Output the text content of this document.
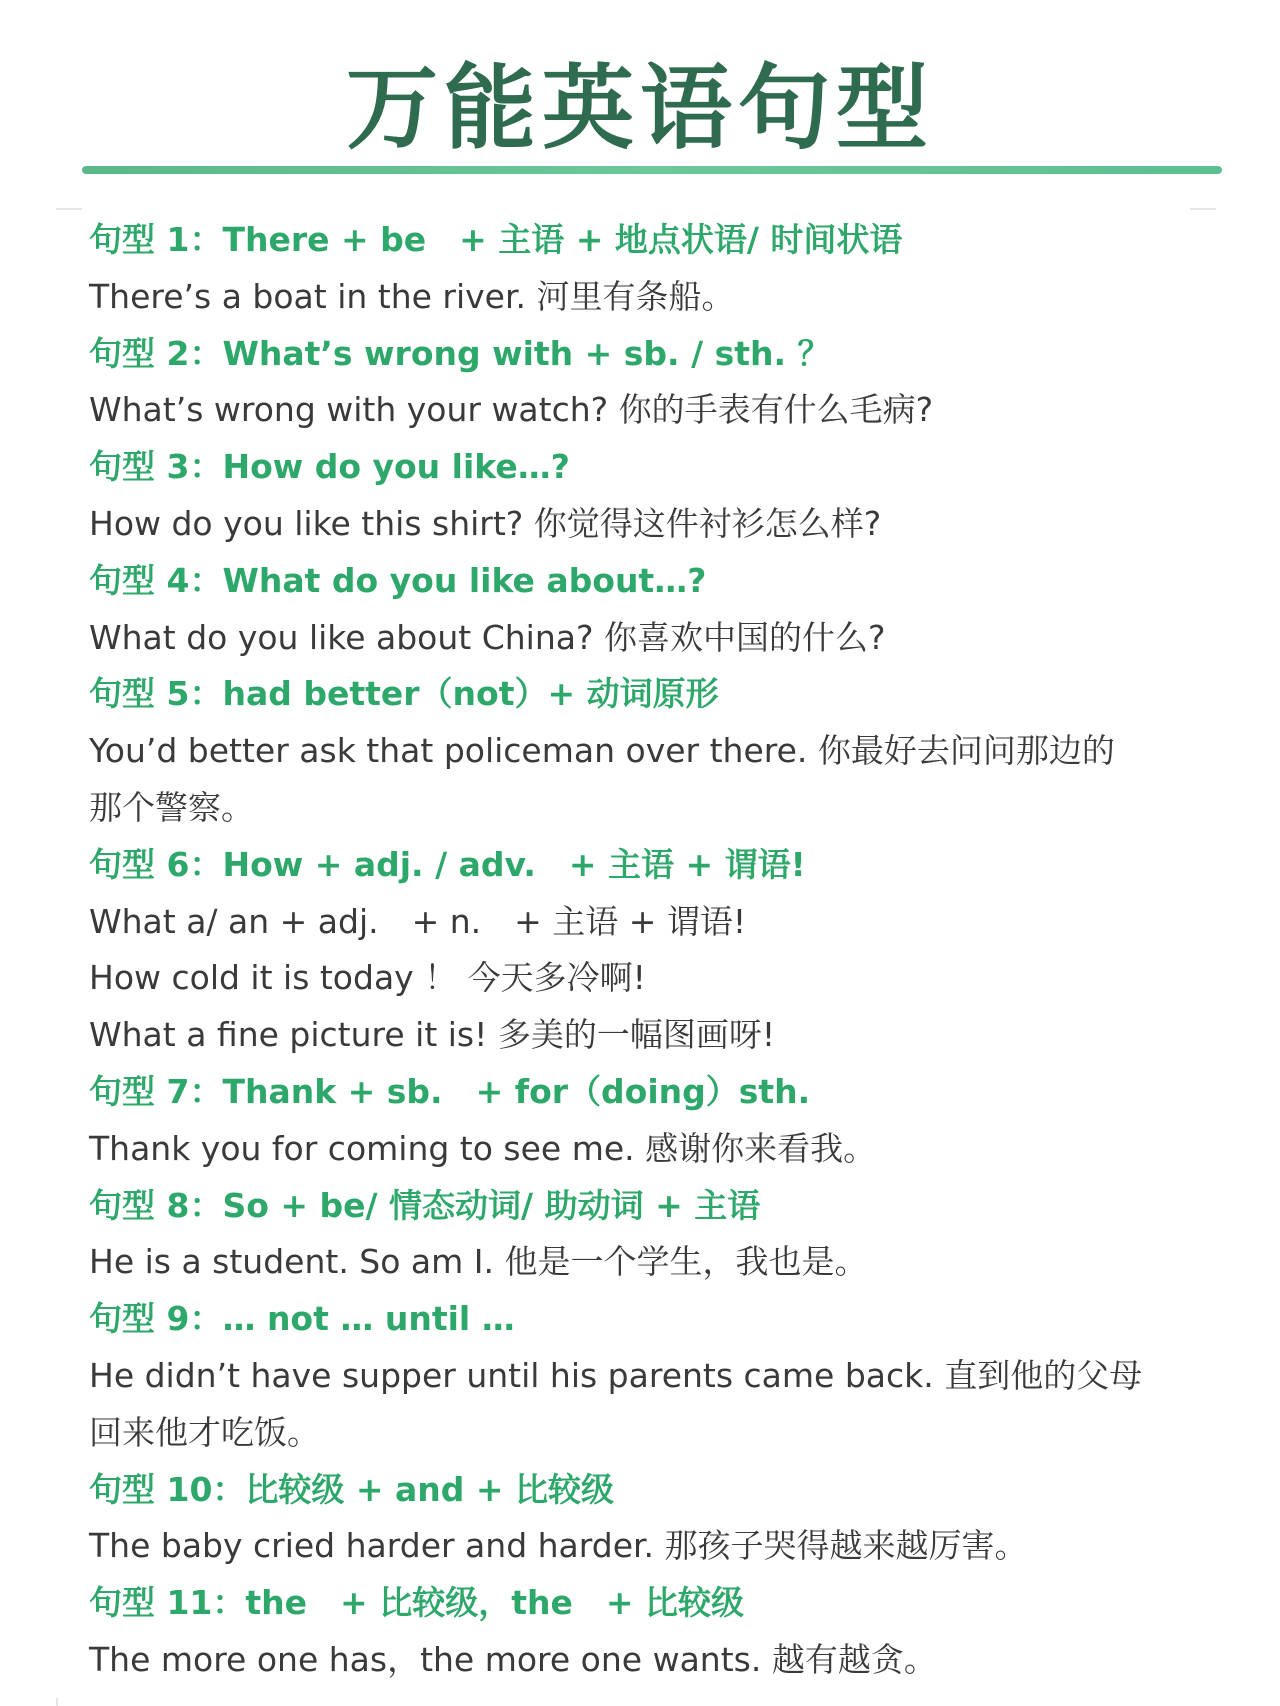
万能英语句型
句型 1：There + be　+ 主语 + 地点状语/ 时间状语
There’s a boat in the river. 河里有条船。
句型 2：What’s wrong with + sb. / sth. ？
What’s wrong with your watch? 你的手表有什么毛病?
句型 3：How do you like…?
How do you like this shirt? 你觉得这件衬衫怎么样?
句型 4：What do you like about…?
What do you like about China? 你喜欢中国的什么?
句型 5：had better（not）+ 动词原形
You’d better ask that policeman over there. 你最好去问问那边的
那个警察。
句型 6：How + adj. / adv.　+ 主语 + 谓语!
What a/ an + adj.　+ n.　+ 主语 + 谓语!
How cold it is today ！ 今天多冷啊!
What a fine picture it is! 多美的一幅图画呀!
句型 7：Thank + sb.　+ for（doing）sth.
Thank you for coming to see me. 感谢你来看我。
句型 8：So + be/ 情态动词/ 助动词 + 主语
He is a student. So am I. 他是一个学生，我也是。
句型 9：… not … until …
He didn’t have supper until his parents came back. 直到他的父母
回来他才吃饭。
句型 10：比较级 + and + 比较级
The baby cried harder and harder. 那孩子哭得越来越厉害。
句型 11：the　+ 比较级，the　+ 比较级
The more one has，the more one wants. 越有越贪。
